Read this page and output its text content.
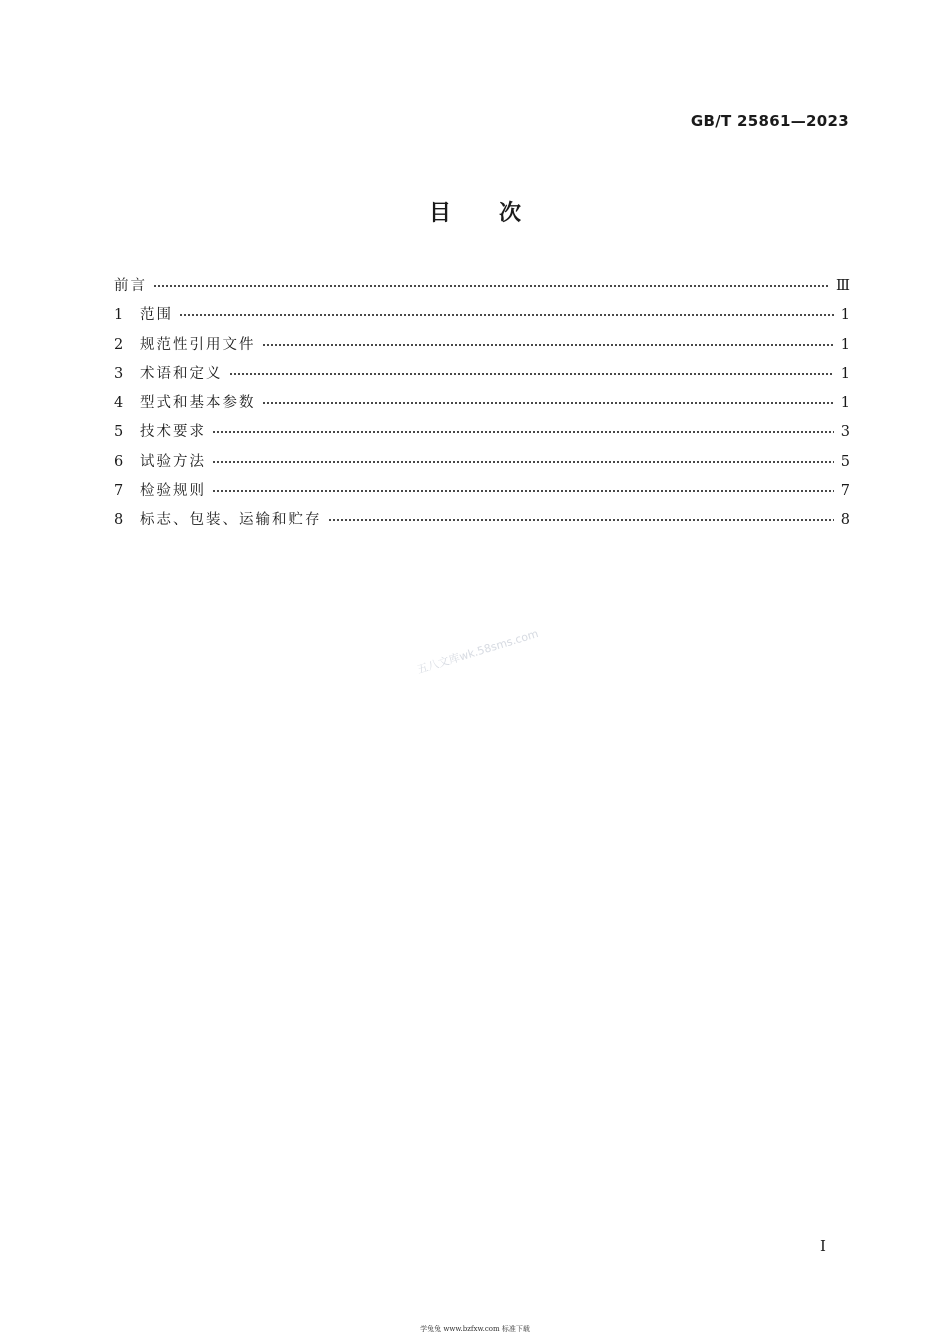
GB/T 25861—2023
目 次
前言	Ⅲ
1	范围	1
2	规范性引用文件	1
3	术语和定义	1
4	型式和基本参数	1
5	技术要求	3
6	试验方法	5
7	检验规则	7
8	标志、包装、运输和贮存	8
五八文库wk.58sms.com
Ⅰ
学兔兔 www.bzfxw.com 标准下载
